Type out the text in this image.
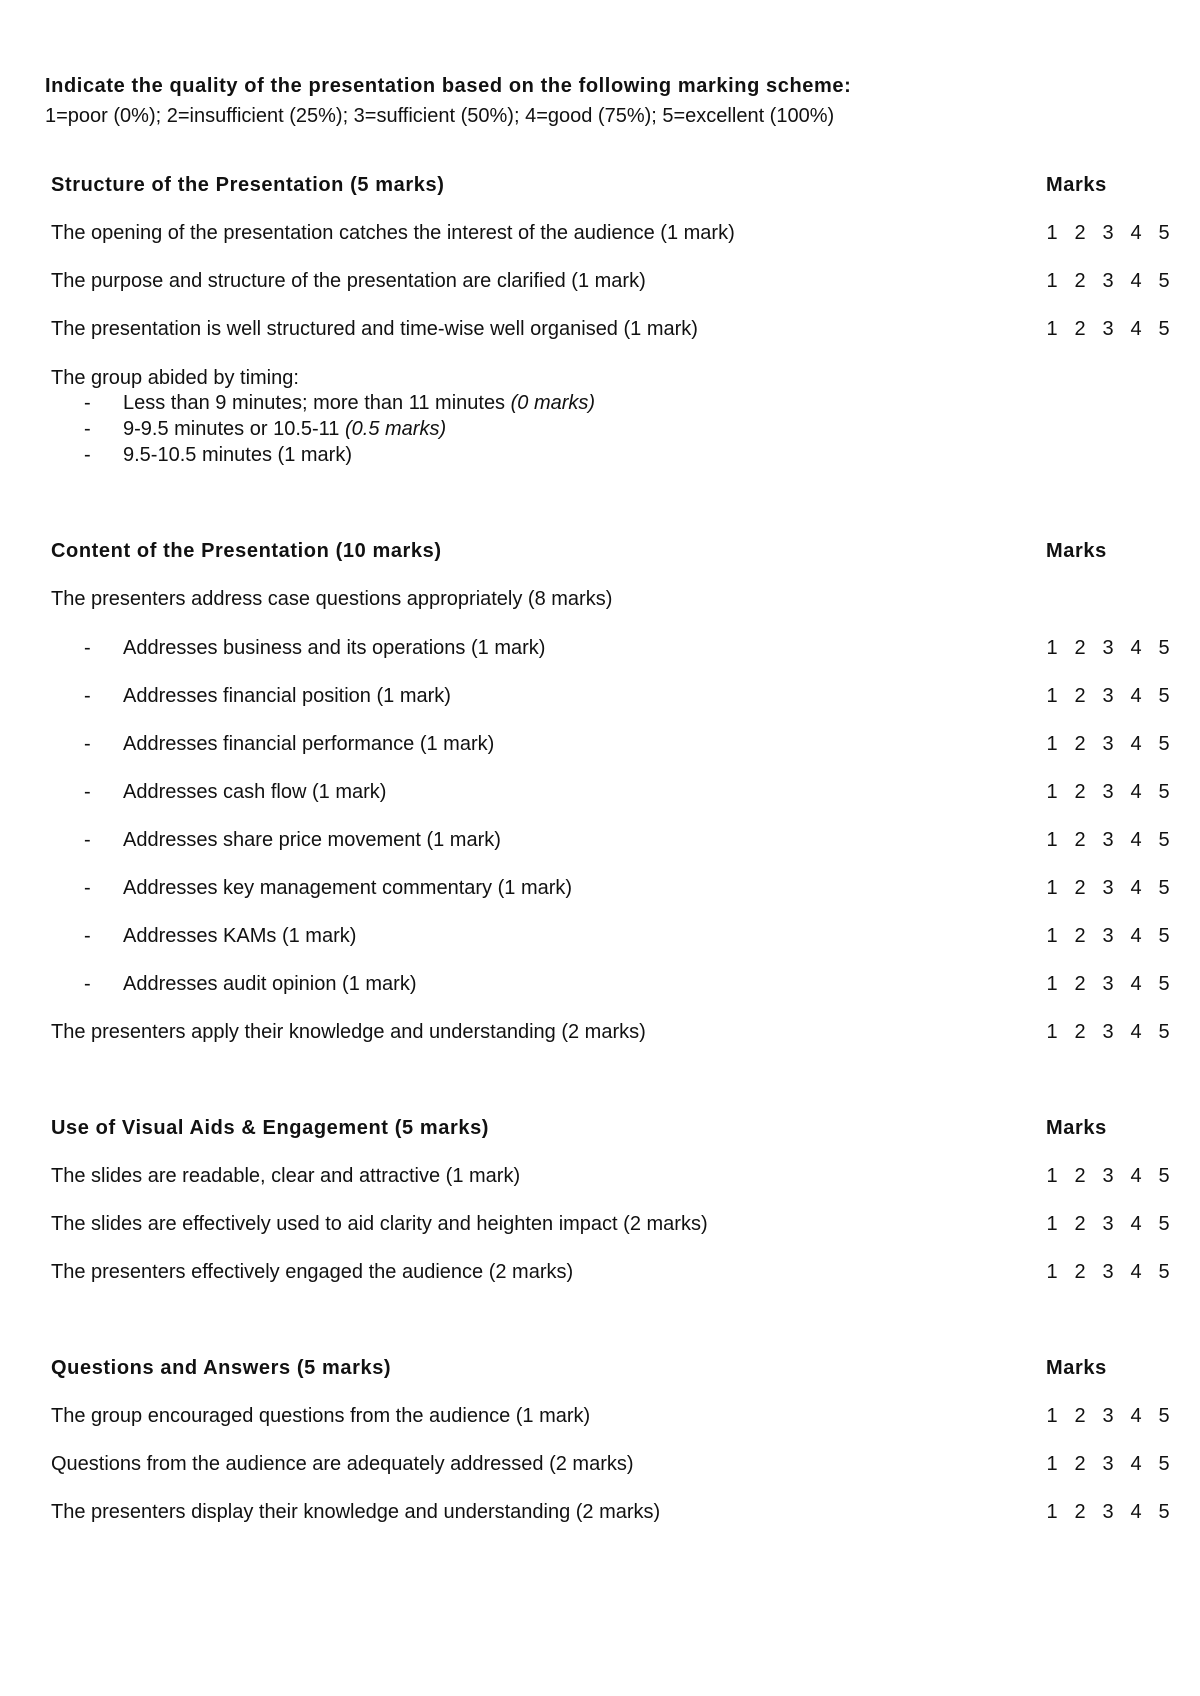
Indicate the quality of the presentation based on the following marking scheme:
1=poor (0%); 2=insufficient (25%); 3=sufficient (50%); 4=good (75%); 5=excellent (100%)
Structure of the Presentation (5 marks)	Marks
The opening of the presentation catches the interest of the audience (1 mark)	1 2 3 4 5
The purpose and structure of the presentation are clarified (1 mark)	1 2 3 4 5
The presentation is well structured and time-wise well organised (1 mark)	1 2 3 4 5
The group abided by timing:
- Less than 9 minutes; more than 11 minutes (0 marks)
- 9-9.5 minutes or 10.5-11 (0.5 marks)
- 9.5-10.5 minutes (1 mark)
Content of the Presentation (10 marks)	Marks
The presenters address case questions appropriately (8 marks)
- Addresses business and its operations (1 mark)	1 2 3 4 5
- Addresses financial position (1 mark)	1 2 3 4 5
- Addresses financial performance (1 mark)	1 2 3 4 5
- Addresses cash flow (1 mark)	1 2 3 4 5
- Addresses share price movement (1 mark)	1 2 3 4 5
- Addresses key management commentary (1 mark)	1 2 3 4 5
- Addresses KAMs (1 mark)	1 2 3 4 5
- Addresses audit opinion (1 mark)	1 2 3 4 5
The presenters apply their knowledge and understanding (2 marks)	1 2 3 4 5
Use of Visual Aids & Engagement (5 marks)	Marks
The slides are readable, clear and attractive (1 mark)	1 2 3 4 5
The slides are effectively used to aid clarity and heighten impact (2 marks)	1 2 3 4 5
The presenters effectively engaged the audience (2 marks)	1 2 3 4 5
Questions and Answers (5 marks)	Marks
The group encouraged questions from the audience (1 mark)	1 2 3 4 5
Questions from the audience are adequately addressed (2 marks)	1 2 3 4 5
The presenters display their knowledge and understanding (2 marks)	1 2 3 4 5
